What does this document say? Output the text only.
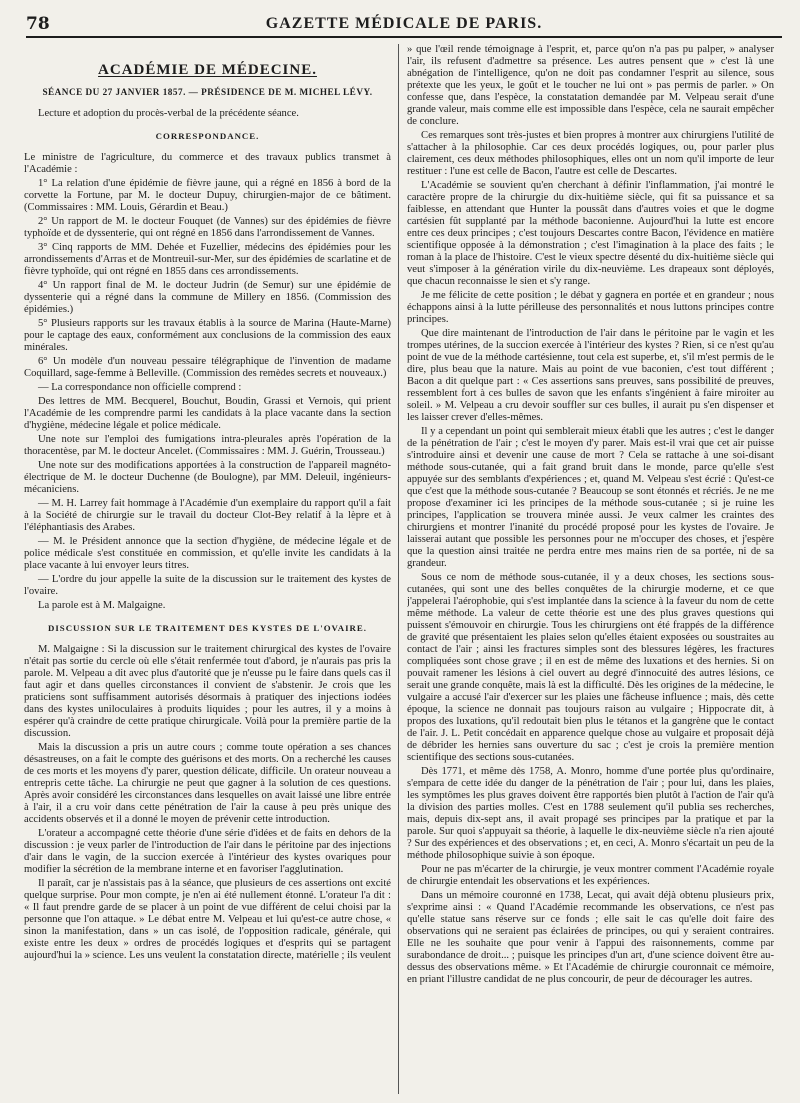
78	GAZETTE MÉDICALE DE PARIS.
ACADÉMIE DE MÉDECINE.
SÉANCE DU 27 JANVIER 1857. — PRÉSIDENCE DE M. MICHEL LÉVY.

Lecture et adoption du procès-verbal de la précédente séance.

CORRESPONDANCE.

Le ministre de l'agriculture, du commerce et des travaux publics transmet à l'Académie :

1° La relation d'une épidémie de fièvre jaune, qui a régné en 1856 à bord de la corvette la Fortune, par M. le docteur Dupuy, chirurgien-major de ce bâtiment. (Commissaires : MM. Louis, Gérardin et Beau.)

2° Un rapport de M. le docteur Fouquet (de Vannes) sur des épidémies de fièvre typhoïde et de dyssenterie, qui ont régné en 1856 dans l'arrondissement de Vannes.

3° Cinq rapports de MM. Dehée et Fuzellier, médecins des épidémies pour les arrondissements d'Arras et de Montreuil-sur-Mer, sur des épidémies de scarlatine et de fièvre typhoïde, qui ont régné en 1855 dans ces arrondissements.

4° Un rapport final de M. le docteur Judrin (de Semur) sur une épidémie de dyssenterie qui a régné dans la commune de Millery en 1856. (Commission des épidémies.)

5° Plusieurs rapports sur les travaux établis à la source de Marina (Haute-Marne) pour le captage des eaux, conformément aux conclusions de la commission des eaux minérales.

6° Un modèle d'un nouveau pessaire télégraphique de l'invention de madame Coquillard, sage-femme à Belleville. (Commission des remèdes secrets et nouveaux.)

— La correspondance non officielle comprend :

Des lettres de MM. Becquerel, Bouchut, Boudin, Grassi et Vernois, qui prient l'Académie de les comprendre parmi les candidats à la place vacante dans la section d'hygiène, médecine légale et police médicale.

Une note sur l'emploi des fumigations intra-pleurales après l'opération de la thoracentèse, par M. le docteur Ancelet. (Commissaires : MM. J. Guérin, Trousseau.)

Une note sur des modifications apportées à la construction de l'appareil magnéto-électrique de M. le docteur Duchenne (de Boulogne), par MM. Deleuil, ingénieurs-mécaniciens.

— M. H. Larrey fait hommage à l'Académie d'un exemplaire du rapport qu'il a fait à la Société de chirurgie sur le travail du docteur Clot-Bey relatif à la lèpre et à l'éléphantiasis des Arabes.

— M. le Président annonce que la section d'hygiène, de médecine légale et de police médicale s'est constituée en commission, et qu'elle invite les candidats à la place vacante à lui envoyer leurs titres.

— L'ordre du jour appelle la suite de la discussion sur le traitement des kystes de l'ovaire.

La parole est à M. Malgaigne.

DISCUSSION SUR LE TRAITEMENT DES KYSTES DE L'OVAIRE.

M. Malgaigne : Si la discussion sur le traitement chirurgical des kystes de l'ovaire n'était pas sortie du cercle où elle s'était renfermée tout d'abord, je n'aurais pas pris la parole. M. Velpeau a dit avec plus d'autorité que je n'eusse pu le faire dans quels cas il faut agir et dans quelles circonstances il convient de s'abstenir. Je crois que les praticiens sont suffisamment autorisés désormais à pratiquer des injections iodées dans des kystes uniloculaires à produits liquides ; pour les autres, il y a moins à espérer qu'à craindre de cette pratique chirurgicale. Voilà pour la première partie de la discussion.

Mais la discussion a pris un autre cours ; comme toute opération a ses chances désastreuses, on a fait le compte des guérisons et des morts. On a recherché les causes de ces morts et les moyens d'y parer, question délicate, difficile. Un orateur nouveau a entrepris cette tâche. La chirurgie ne peut que gagner à la solution de ces questions. Après avoir considéré les circonstances dans lesquelles on avait laissé une libre entrée à l'air, il a cru voir dans cette pénétration de l'air la cause à peu près unique des accidents observés et il a donné le moyen de prévenir cette introduction.

L'orateur a accompagné cette théorie d'une série d'idées et de faits en dehors de la discussion : je veux parler de l'introduction de l'air dans le péritoine par des injections d'air dans le vagin, de la succion exercée à l'intérieur des kystes ovariques pour modifier la sécrétion de la membrane interne et en favoriser l'agglutination.

Il paraît, car je n'assistais pas à la séance, que plusieurs de ces assertions ont excité quelque surprise. Pour mon compte, je n'en ai été nullement étonné. L'orateur l'a dit : « Il faut prendre garde de se placer à un point de vue différent de celui choisi par la personne que l'on attaque. » Le débat entre M. Velpeau et lui qu'est-ce autre chose, « sinon la manifestation, dans » un cas isolé, de l'opposition radicale, générale, qui existe entre les deux » ordres de procédés logiques et d'esprits qui se partagent aujourd'hui la » science. Les uns veulent la constatation directe, matérielle ; ils veulent

» que l'œil rende témoignage à l'esprit, et, parce qu'on n'a pas pu palper, » analyser l'air, ils refusent d'admettre sa présence. Les autres pensent que » c'est là une abnégation de l'intelligence, qu'on ne doit pas condamner l'esprit au silence, sous prétexte que les yeux, le goût et le toucher ne lui ont » pas permis de parler. » On confesse que, dans l'espèce, la constatation demandée par M. Velpeau serait d'une grande valeur, mais comme elle est impossible dans l'espèce, cela ne saurait empêcher de conclure.

Ces remarques sont très-justes et bien propres à montrer aux chirurgiens l'utilité de s'attacher à la philosophie. Car ces deux procédés logiques, ou, pour parler plus clairement, ces deux méthodes philosophiques, elles ont un nom qu'il importe de leur restituer : l'une est celle de Bacon, l'autre est celle de Descartes.

L'Académie se souvient qu'en cherchant à définir l'inflammation, j'ai montré le caractère propre de la chirurgie du dix-huitième siècle, qui fit sa puissance et sa faiblesse, en attendant que Hunter la poussât dans d'autres voies et que le dogme cartésien fût supplanté par la méthode baconienne. Aujourd'hui la lutte est encore entre ces deux principes ; c'est toujours Descartes contre Bacon, l'évidence en matière scientifique opposée à la démonstration ; c'est l'imagination à la place des faits ; le roman à la place de l'histoire. C'est le vieux spectre désenté du dix-huitième siècle qui veut s'imposer à la génération virile du dix-neuvième. Les drapeaux sont déployés, que chacun reconnaisse le sien et s'y range.

Je me félicite de cette position ; le débat y gagnera en portée et en grandeur ; nous échappons ainsi à la lutte périlleuse des personnalités et nous luttons principes contre principes.

Que dire maintenant de l'introduction de l'air dans le péritoine par le vagin et les trompes utérines, de la succion exercée à l'intérieur des kystes ? Rien, si ce n'est qu'au point de vue de la méthode cartésienne, tout cela est superbe, et, s'il m'est permis de le dire, plus beau que la nature. Mais au point de vue baconien, c'est tout différent ; Bacon a dit quelque part : « Ces assertions sans preuves, sans possibilité de preuves, ressemblent fort à ces bulles de savon que les enfants s'ingénient à faire miroiter au soleil. » M. Velpeau a cru devoir souffler sur ces bulles, il aurait pu s'en dispenser et les laisser crever d'elles-mêmes.

Il y a cependant un point qui semblerait mieux établi que les autres ; c'est le danger de la pénétration de l'air ; c'est le moyen d'y parer. Mais est-il vrai que cet air puisse s'introduire ainsi et devenir une cause de mort ? Cela se rattache à une soi-disant méthode sous-cutanée, qui a fait grand bruit dans le monde, parce qu'elle s'est appuyée sur des semblants d'expériences ; et, quand M. Velpeau s'est écrié : Qu'est-ce que c'est que la méthode sous-cutanée ? Beaucoup se sont étonnés et récriés. Je ne me propose d'examiner ici les principes de la méthode sous-cutanée ; si je ruine les principes, l'application se trouvera minée aussi. Je veux calmer les craintes des chirurgiens et montrer l'inanité du procédé proposé pour les kystes de l'ovaire. Je laisserai autant que possible les personnes pour ne m'occuper des choses, et j'espère que la question ainsi traitée ne perdra entre mes mains rien de sa portée, ni de sa grandeur.

Sous ce nom de méthode sous-cutanée, il y a deux choses, les sections sous-cutanées, qui sont une des belles conquêtes de la chirurgie moderne, et ce que j'appelerai l'aérophobie, qui s'est implantée dans la science à la faveur du nom de cette même méthode. La valeur de cette théorie est une des plus graves questions qui puissent s'émouvoir en chirurgie. Tous les chirurgiens ont été frappés de la différence de gravité que présentaient les plaies selon qu'elles étaient exposées ou soustraites au contact de l'air ; ainsi les fractures simples sont des blessures légères, les fractures compliquées sont chose grave ; il en est de même des luxations et des hernies. Si on pouvait ramener les lésions à ciel ouvert au degré d'innocuité des autres lésions, ce serait une grande conquête, mais là est la difficulté. Dès les origines de la médecine, le vulgaire a accusé l'air d'exercer sur les plaies une fâcheuse influence ; mais, dès cette époque, la science ne donnait pas toujours raison au vulgaire ; Hippocrate dit, à propos des luxations, qu'il redoutait bien plus le tétanos et la gangrène que le contact de l'air. J. L. Petit concédait en apparence quelque chose au vulgaire et proposait déjà de débrider les hernies sans ouverture du sac ; c'est je crois la première mention scientifique des sections sous-cutanées.

Dès 1771, et même dès 1758, A. Monro, homme d'une portée plus qu'ordinaire, s'empara de cette idée du danger de la pénétration de l'air ; pour lui, dans les plaies, les symptômes les plus graves doivent être rapportés bien plutôt à l'action de l'air qu'à la division des parties molles. C'est en 1788 seulement qu'il publia ses recherches, mais, depuis dix-sept ans, il avait propagé ses principes par la pratique et par la parole. Sur quoi s'appuyait sa théorie, à laquelle le dix-neuvième siècle n'a rien ajouté ? Sur des expériences et des observations ; et, en ceci, A. Monro s'écartait un peu de la méthode philosophique suivie à son époque.

Pour ne pas m'écarter de la chirurgie, je veux montrer comment l'Académie royale de chirurgie entendait les observations et les expériences.

Dans un mémoire couronné en 1738, Lecat, qui avait déjà obtenu plusieurs prix, s'exprime ainsi : « Quand l'Académie recommande les observations, ce n'est pas qu'elle statue sans réserve sur ce fonds ; elle sait le cas qu'elle doit faire des observations qui ne seraient pas éclairées de principes, ou qui y seraient contraires. Elle ne les souhaite que pour venir à l'appui des raisonnements, comme par surabondance de droit... ; puisque les principes d'un art, d'une science doivent être au-dessus des observations même. » Et l'Académie de chirurgie couronnait ce mémoire, en priant l'illustre candidat de ne plus concourir, de peur de décourager les autres.
